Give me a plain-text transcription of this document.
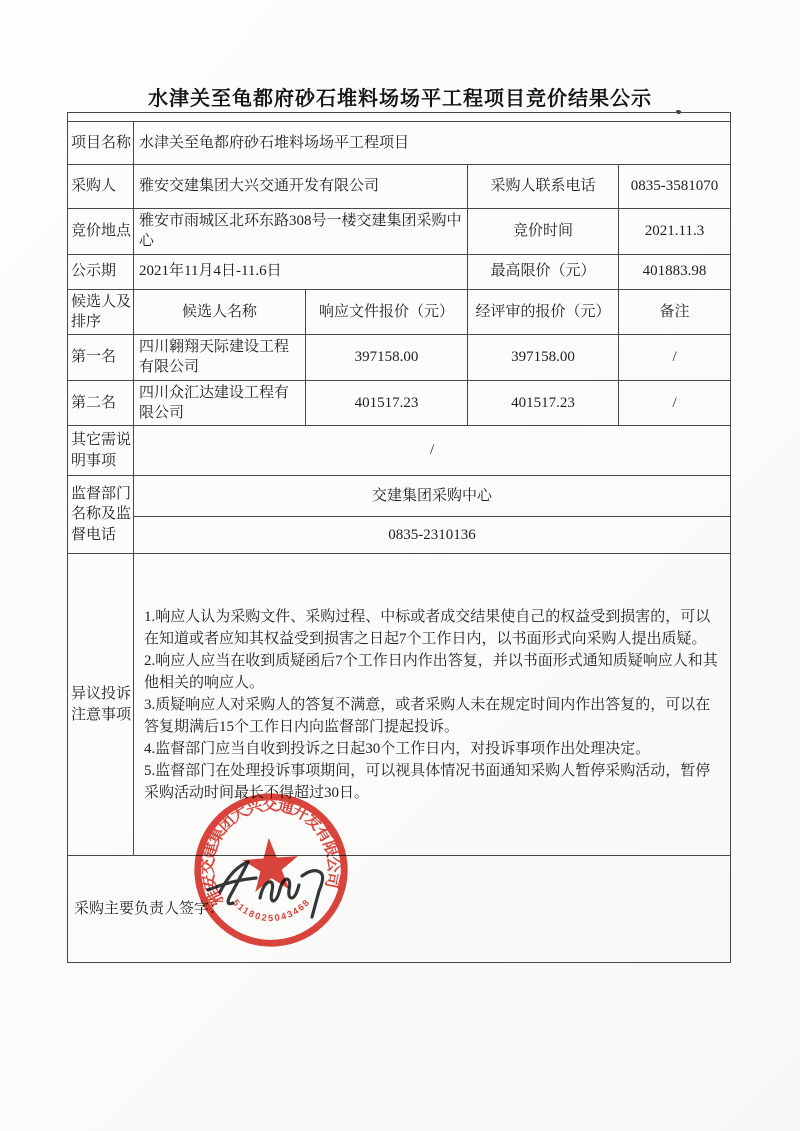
水津关至龟都府砂石堆料场场平工程项目竞价结果公示

项目名称	水津关至龟都府砂石堆料场场平工程项目			
采购人	雅安交建集团大兴交通开发有限公司		采购人联系电话	0835-3581070
竞价地点	雅安市雨城区北环东路308号一楼交建集团采购中心		竞价时间	2021.11.3
公示期	2021年11月4日-11.6日		最高限价（元）	401883.98
候选人及排序	候选人名称	响应文件报价（元）	经评审的报价（元）	备注
第一名	四川翱翔天际建设工程有限公司	397158.00	397158.00	/
第二名	四川众汇达建设工程有限公司	401517.23	401517.23	/
其它需说明事项	/			
监督部门名称及监督电话	交建集团采购中心			
	0835-2310136			
异议投诉注意事项	1.响应人认为采购文件、采购过程、中标或者成交结果使自己的权益受到损害的，可以在知道或者应知其权益受到损害之日起7个工作日内，以书面形式向采购人提出质疑。
2.响应人应当在收到质疑函后7个工作日内作出答复，并以书面形式通知质疑响应人和其他相关的响应人。
3.质疑响应人对采购人的答复不满意，或者采购人未在规定时间内作出答复的，可以在答复期满后15个工作日内向监督部门提起投诉。
4.监督部门应当自收到投诉之日起30个工作日内，对投诉事项作出处理决定。
5.监督部门在处理投诉事项期间，可以视具体情况书面通知采购人暂停采购活动，暂停采购活动时间最长不得超过30日。			

采购主要负责人签字：				
雅安交建集团大兴交通开发有限公司
5118025043468
